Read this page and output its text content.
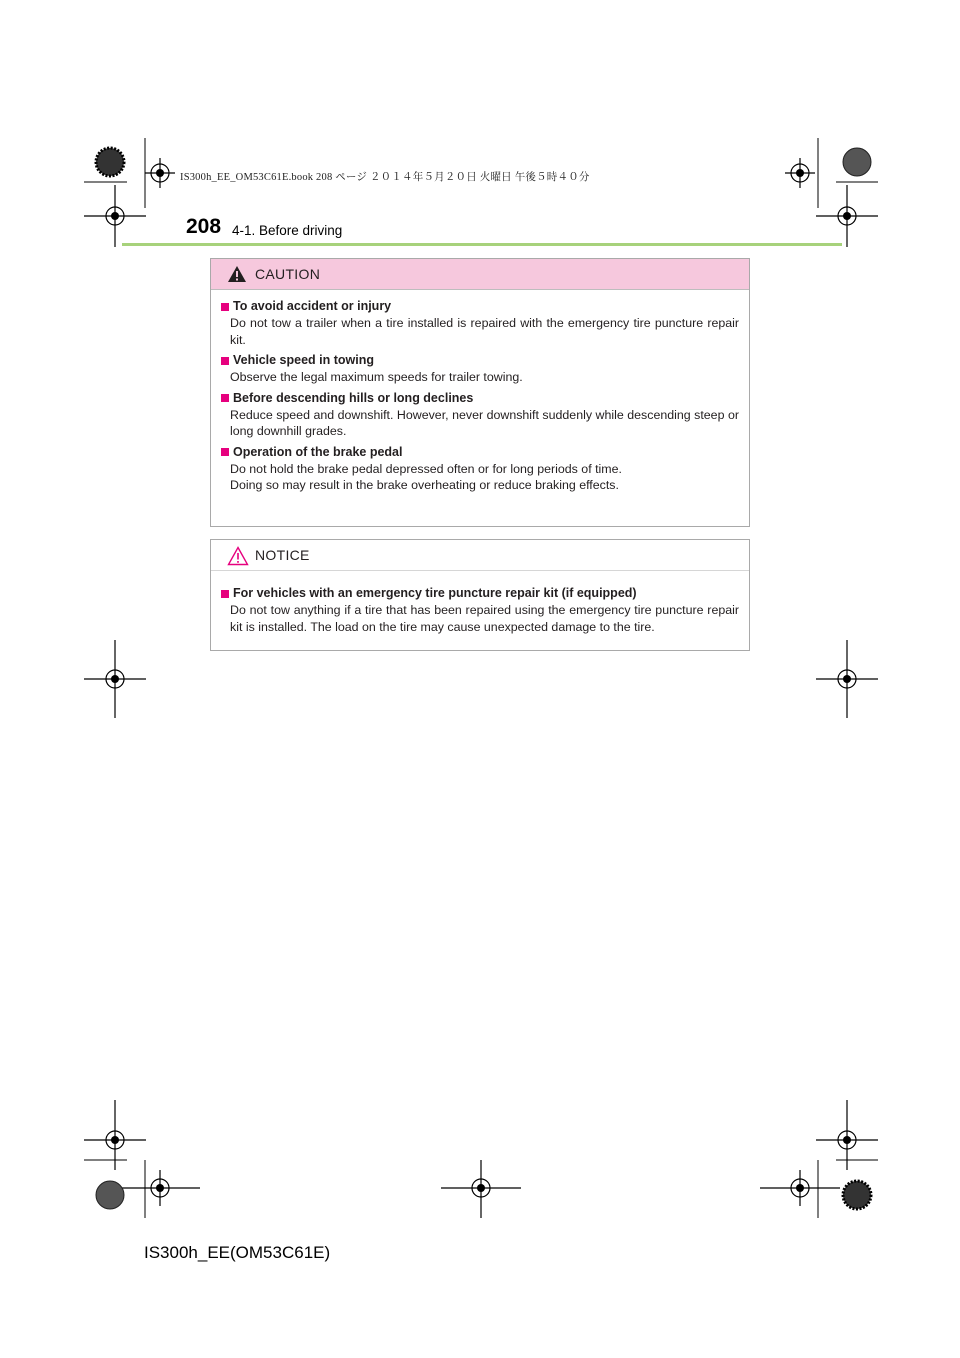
IS300h_EE_OM53C61E.book 208 ページ ２０１４年５月２０日 火曜日 午後５時４０分
208 4-1. Before driving
CAUTION
To avoid accident or injury
Do not tow a trailer when a tire installed is repaired with the emergency tire puncture repair kit.
Vehicle speed in towing
Observe the legal maximum speeds for trailer towing.
Before descending hills or long declines
Reduce speed and downshift. However, never downshift suddenly while descending steep or long downhill grades.
Operation of the brake pedal
Do not hold the brake pedal depressed often or for long periods of time.
Doing so may result in the brake overheating or reduce braking effects.
NOTICE
For vehicles with an emergency tire puncture repair kit (if equipped)
Do not tow anything if a tire that has been repaired using the emergency tire puncture repair kit is installed. The load on the tire may cause unexpected damage to the tire.
IS300h_EE(OM53C61E)
